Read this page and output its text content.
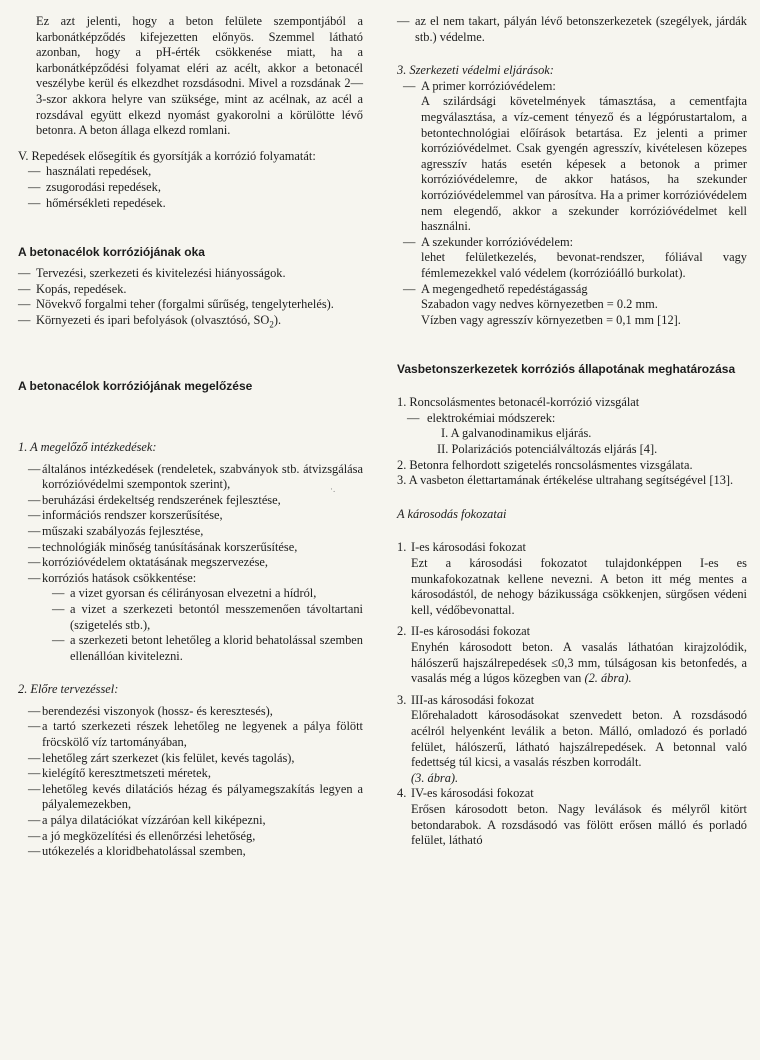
Ez azt jelenti, hogy a beton felülete szempontjából a karbonátképződés kifejezetten előnyös. Szemmel látható azonban, hogy a pH-érték csökkenése miatt, ha a karbonátképződési folyamat eléri az acélt, akkor a betonacél veszélybe kerül és elkezdhet rozsdásodni. Mivel a rozsdának 2—3-szor akkora helyre van szüksége, mint az acélnak, az acél a rozsdával együtt elkezd nyomást gyakorolni a körülötte lévő betonra. A beton állaga elkezd romlani.

V. Repedések elősegítik és gyorsítják a korrózió folyamatát:

— használati repedések,
— zsugorodási repedések,
— hőmérsékleti repedések.
A betonacélok korróziójának oka
— Tervezési, szerkezeti és kivitelezési hiányosságok.
— Kopás, repedések.
— Növekvő forgalmi teher (forgalmi sűrűség, tengelyterhelés).
— Környezeti és ipari befolyások (olvasztósó, $SO_2$).
A betonacélok korróziójának megelőzése

1. A megelőző intézkedések:

— általános intézkedések (rendeletek, szabványok stb. átvizsgálása korrózióvédelmi szempontok szerint),
— beruházási érdekeltség rendszerének fejlesztése,
— információs rendszer korszerűsítése,
— műszaki szabályozás fejlesztése,
— technológiák minőség tanúsításának korszerűsítése,
— korrózióvédelem oktatásának megszervezése,
— korróziós hatások csökkentése:
— a vizet gyorsan és célirányosan elvezetni a hídról,
— a vizet a szerkezeti betontól messzemenően távoltartani (szigetelés stb.),
— a szerkezeti betont lehetőleg a klorid behatolással szemben ellenállóan kivitelezni.

2. Előre tervezéssel:

— berendezési viszonyok (hossz- és keresztesés),
— a tartó szerkezeti részek lehetőleg ne legyenek a pálya fölött fröcskölő víz tartományában,
— lehetőleg zárt szerkezet (kis felület, kevés tagolás),
— kielégítő keresztmetszeti méretek,
— lehetőleg kevés dilatációs hézag és pályamegszakítás legyen a pályalemezekben,
— a pálya dilatációkat vízzáróan kell kiképezni,
— a jó megközelítési és ellenőrzési lehetőség,
— utókezelés a kloridbehatolással szemben,
·.
— az el nem takart, pályán lévő betonszerkezetek (szegélyek, járdák stb.) védelme.

3. Szerkezeti védelmi eljárások:

— A primer korrózióvédelem:

A szilárdsági követelmények támasztása, a cementfajta megválasztása, a víz-cement tényező és a légpórustartalom, a betontechnológiai előírások betartása. Ez jelenti a primer korrózióvédelmet. Csak gyengén agresszív, kivételesen közepes agresszív hatás esetén képesek a betonok a primer korrózióvédelemre, de akkor hatásos, ha szekunder korrózióvédelemmel van párosítva. Ha a primer korrózióvédelem nem elegendő, akkor a szekunder korrózióvédelmet kell használni.

— A szekunder korrózióvédelem:

lehet felületkezelés, bevonat-rendszer, fóliával vagy fémlemezekkel való védelem (korrózióálló burkolat).

— A megengedhető repedéstágasság

Szabadon vagy nedves környezetben = 0.2 mm.

Vízben vagy agresszív környezetben = 0,1 mm [12].

Vasbetonszerkezetek korróziós állapotának meghatározása

1. Roncsolásmentes betonacél-korrózió vizsgálat

— elektrokémiai módszerek:

I. A galvanodinamikus eljárás.

II. Polarizációs potenciálváltozás eljárás [4].

2. Betonra felhordott szigetelés roncsolásmentes vizsgálata.

3. A vasbeton élettartamának értékelése ultrahang segítségével [13].

A károsodás fokozatai

1. I-es károsodási fokozat

Ezt a károsodási fokozatot tulajdonképpen I-es es munkafokozatnak kellene nevezni. A beton itt még mentes a károsodástól, de nehogy bázikussága csökkenjen, sürgősen védeni kell, védőbevonattal.

2. II-es károsodási fokozat

Enyhén károsodott beton. A vasalás láthatóan kirajzolódik, hálószerű hajszálrepedések ≤0,3 mm, túlságosan kis betonfedés, a vasalás még a lúgos közegben van (2. ábra).

3. III-as károsodási fokozat

Előrehaladott károsodásokat szenvedett beton. A rozsdásodó acélról helyenként leválik a beton. Málló, omladozó és porladó felület, hálószerű, látható hajszálrepedések. A betonnal való fedettség túl kicsi, a vasalás részben korrodált.

(3. ábra).

4. IV-es károsodási fokozat

Erősen károsodott beton. Nagy leválások és mélyről kitört betondarabok. A rozsdásodó vas fölött erősen málló és porladó felület, látható
